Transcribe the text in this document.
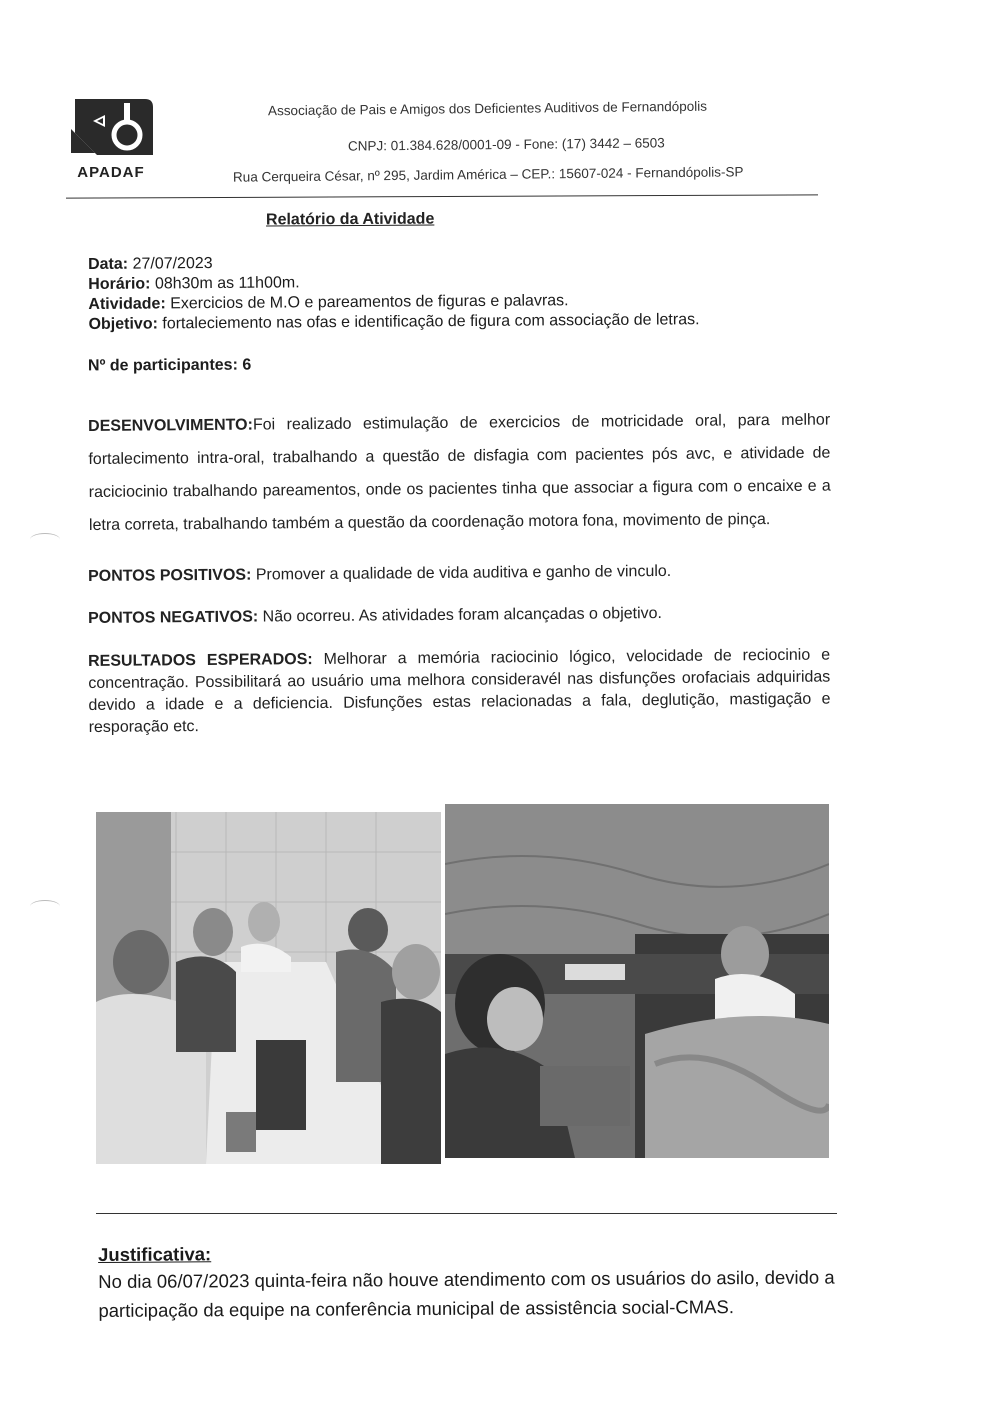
APADAF
Associação de Pais e Amigos dos Deficientes Auditivos de Fernandópolis
CNPJ: 01.384.628/0001-09 - Fone: (17) 3442 – 6503
Rua Cerqueira César, nº 295, Jardim América – CEP.: 15607-024 - Fernandópolis-SP
Relatório da Atividade
Data: 27/07/2023
Horário: 08h30m as 11h00m.
Atividade: Exercicios de M.O e pareamentos de figuras e palavras.
Objetivo: fortaleciemento nas ofas e identificação de figura com associação de letras.
Nº de participantes: 6
DESENVOLVIMENTO:Foi realizado estimulação de exercicios de motricidade oral, para melhor fortalecimento intra-oral, trabalhando a questão de disfagia com pacientes pós avc, e atividade de raciciocinio trabalhando pareamentos, onde os pacientes tinha que associar a figura com o encaixe e a letra correta, trabalhando também a questão da coordenação motora fona, movimento de pinça.
PONTOS POSITIVOS: Promover a qualidade de vida auditiva e ganho de vinculo.
PONTOS NEGATIVOS: Não ocorreu. As atividades foram alcançadas o objetivo.
RESULTADOS ESPERADOS: Melhorar a memória raciocinio lógico, velocidade de reciocinio e concentração. Possibilitará ao usuário uma melhora consideravél nas disfunções orofaciais adquiridas devido a idade e a deficiencia. Disfunções estas relacionadas a fala, deglutição, mastigação e resporação etc.
Justificativa:
No dia 06/07/2023 quinta-feira não houve atendimento com os usuários do asilo, devido a participação da equipe na conferência municipal de assistência social-CMAS.
